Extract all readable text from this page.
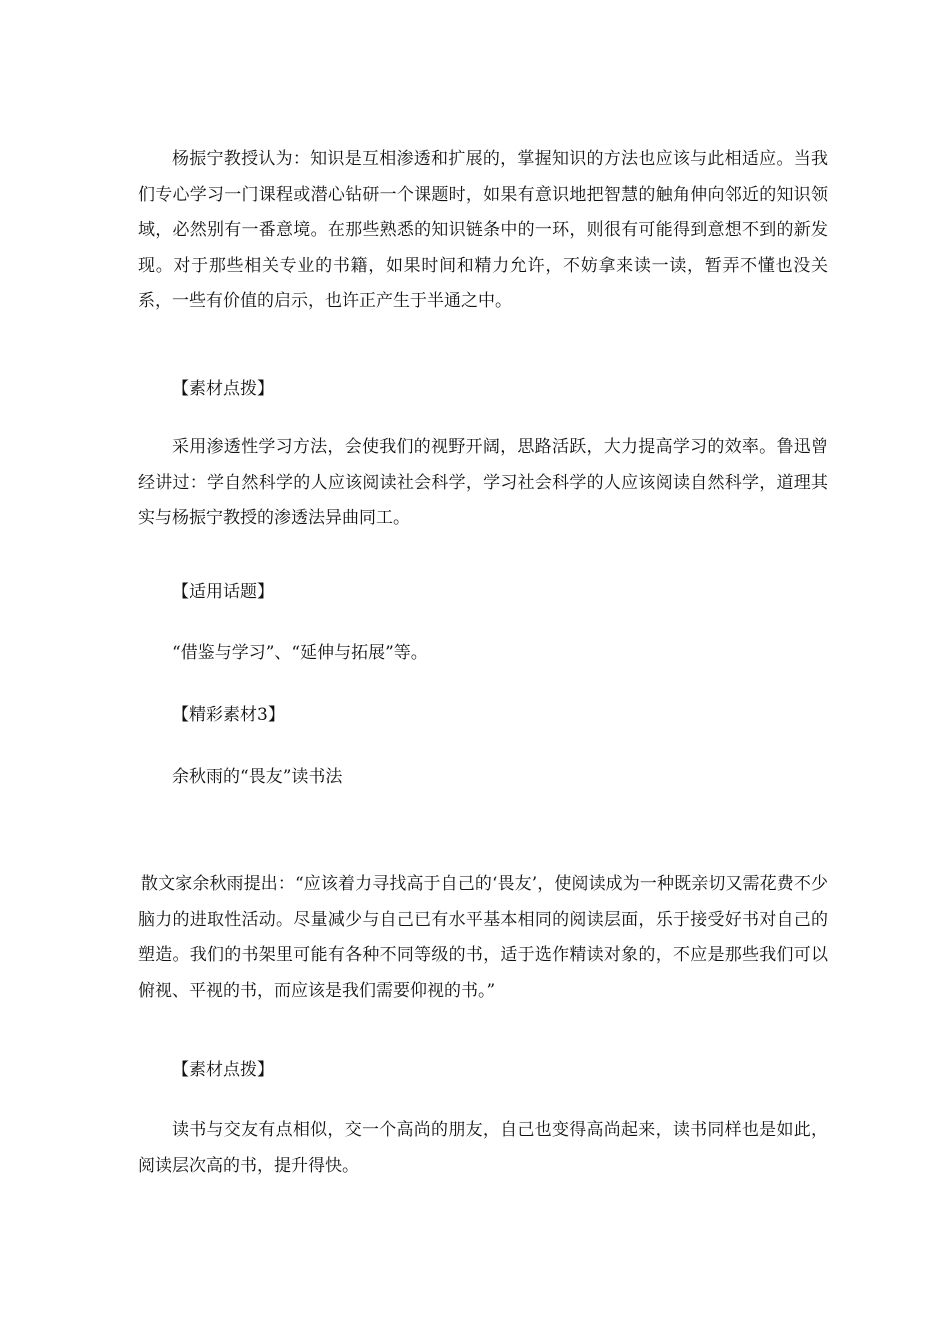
杨振宁教授认为：知识是互相渗透和扩展的，掌握知识的方法也应该与此相适应。当我们专心学习一门课程或潜心钻研一个课题时，如果有意识地把智慧的触角伸向邻近的知识领域，必然别有一番意境。在那些熟悉的知识链条中的一环，则很有可能得到意想不到的新发现。对于那些相关专业的书籍，如果时间和精力允许，不妨拿来读一读，暂弄不懂也没关系，一些有价值的启示，也许正产生于半通之中。

【素材点拨】

采用渗透性学习方法，会使我们的视野开阔，思路活跃，大力提高学习的效率。鲁迅曾经讲过：学自然科学的人应该阅读社会科学，学习社会科学的人应该阅读自然科学，道理其实与杨振宁教授的渗透法异曲同工。

【适用话题】

“借鉴与学习”、“延伸与拓展”等。

【精彩素材3】

余秋雨的“畏友”读书法

散文家余秋雨提出：“应该着力寻找高于自己的‘畏友’，使阅读成为一种既亲切又需花费不少脑力的进取性活动。尽量减少与自己已有水平基本相同的阅读层面，乐于接受好书对自己的塑造。我们的书架里可能有各种不同等级的书，适于选作精读对象的，不应是那些我们可以俯视、平视的书，而应该是我们需要仰视的书。”

【素材点拨】

读书与交友有点相似，交一个高尚的朋友，自己也变得高尚起来，读书同样也是如此，阅读层次高的书，提升得快。
